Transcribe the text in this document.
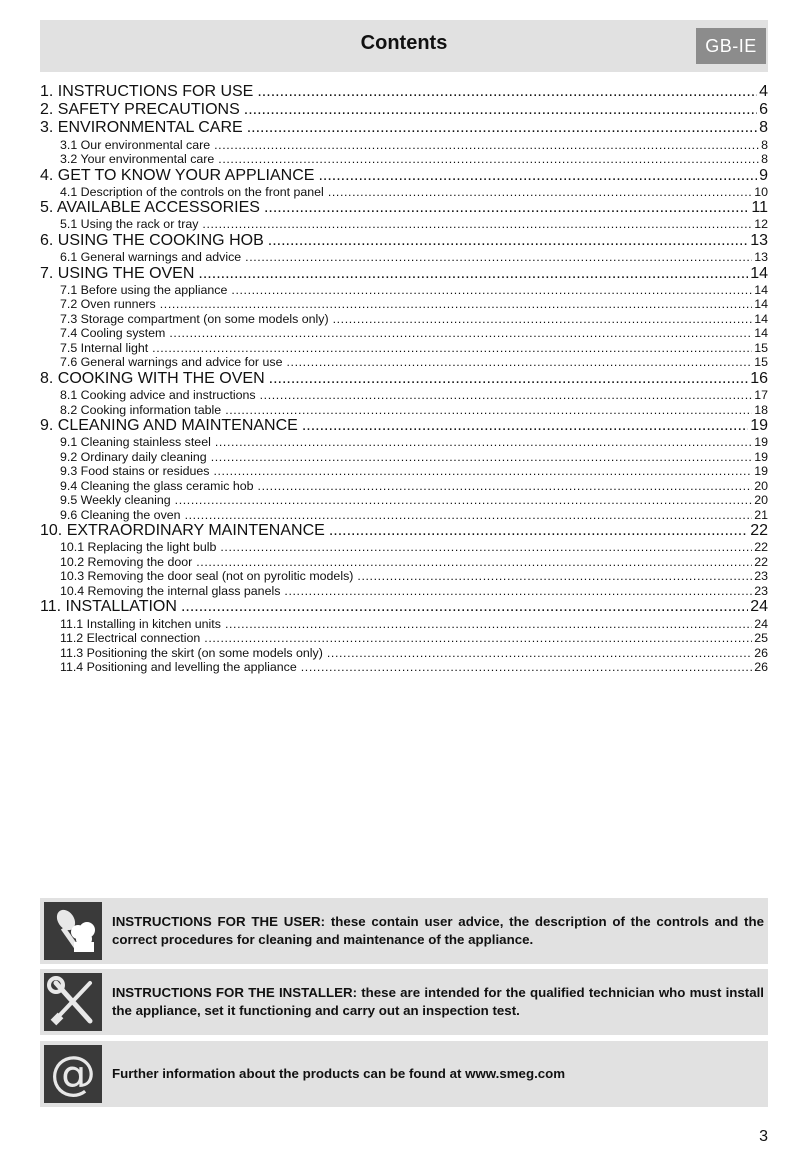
Contents	GB-IE
1. INSTRUCTIONS FOR USE .....	4
2. SAFETY PRECAUTIONS .....	6
3. ENVIRONMENTAL CARE .....	8
3.1 Our environmental care .....	8
3.2 Your environmental care .....	8
4. GET TO KNOW YOUR APPLIANCE .....	9
4.1 Description of the controls on the front panel .....	10
5. AVAILABLE ACCESSORIES .....	11
5.1 Using the rack or tray .....	12
6. USING THE COOKING HOB .....	13
6.1 General warnings and advice .....	13
7. USING THE OVEN .....	14
7.1 Before using the appliance .....	14
7.2 Oven runners .....	14
7.3 Storage compartment (on some models only) .....	14
7.4 Cooling system .....	14
7.5 Internal light .....	15
7.6 General warnings and advice for use .....	15
8. COOKING WITH THE OVEN .....	16
8.1 Cooking advice and instructions .....	17
8.2 Cooking information table .....	18
9. CLEANING AND MAINTENANCE .....	19
9.1 Cleaning stainless steel .....	19
9.2 Ordinary daily cleaning .....	19
9.3 Food stains or residues .....	19
9.4 Cleaning the glass ceramic hob .....	20
9.5 Weekly cleaning .....	20
9.6 Cleaning the oven .....	21
10. EXTRAORDINARY MAINTENANCE .....	22
10.1 Replacing the light bulb .....	22
10.2 Removing the door .....	22
10.3 Removing the door seal (not on pyrolitic models) .....	23
10.4 Removing the internal glass panels .....	23
11. INSTALLATION .....	24
11.1 Installing in kitchen units .....	24
11.2 Electrical connection .....	25
11.3 Positioning the skirt (on some models only) .....	26
11.4 Positioning and levelling the appliance .....	26
INSTRUCTIONS FOR THE USER: these contain user advice, the description of the controls and the correct procedures for cleaning and maintenance of the appliance.
INSTRUCTIONS FOR THE INSTALLER: these are intended for the qualified technician who must install the appliance, set it functioning and carry out an inspection test.
@ Further information about the products can be found at www.smeg.com
3
